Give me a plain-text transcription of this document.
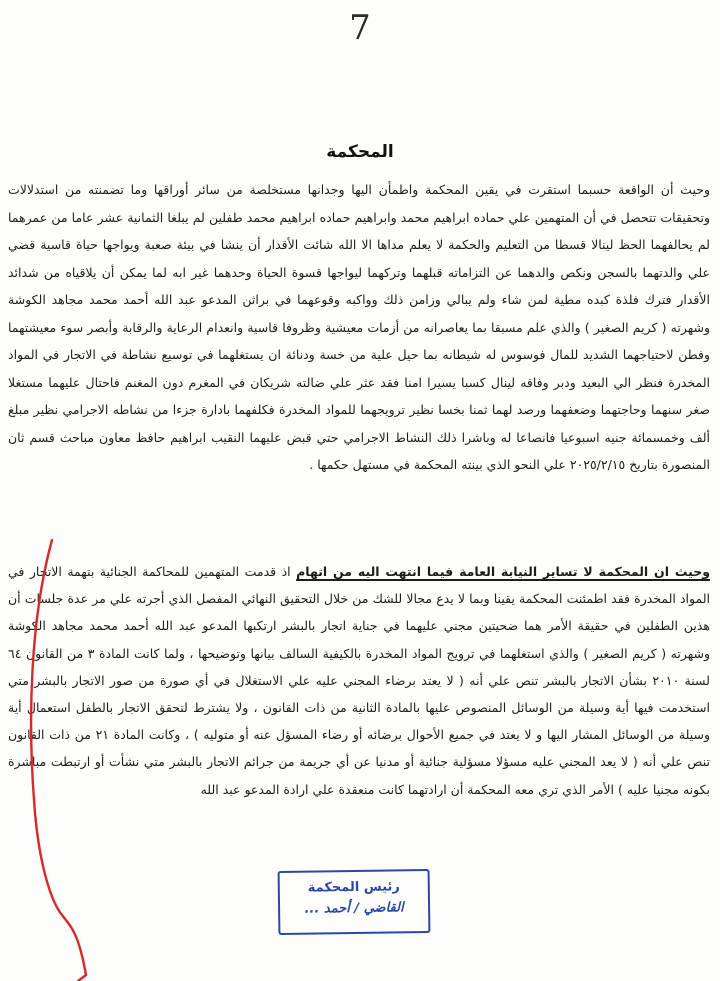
7
المحكمة

وحيث أن الواقعة حسبما استقرت في يقين المحكمة واطمأن اليها وجدانها مستخلصة من سائر أوراقها وما تضمنته من استدلالات وتحقيقات تتحصل في أن المتهمين علي حماده ابراهيم محمد وابراهيم حماده ابراهيم محمد طفلين لم يبلغا الثمانية عشر عاما من عمرهما لم يحالفهما الحظ لينالا قسطا من التعليم والحكمة لا يعلم مداها الا الله شائت الأقدار أن ينشا في بيئة صعبة ويواجها حياة قاسية قضي علي والدتهما بالسجن ونكص والدهما عن التزاماته قبلهما وتركهما ليواجها قسوة الحياة وحدهما غير ابه لما يمكن أن يلاقياه من شدائد الأقدار فترك فلذة كبده مطية لمن شاء ولم يبالي وزامن ذلك وواكبه وقوعهما في براثن المدعو عبد الله أحمد محمد مجاهد الكوشة وشهرته ( كريم الصغير ) والذي علم مسبقا بما يعاصرانه من أزمات معيشية وظروفا قاسية وانعدام الرعاية والرقابة وأبصر سوء معيشتهما وفطن لاحتياجهما الشديد للمال فوسوس له شيطانه بما حيل علية من خسة ودنائة ان يستغلهما في توسيع نشاطة في الاتجار في المواد المخدرة فنظر الي البعيد ودبر وفاقه لينال كسبا يسيرا امنا فقد عثر علي ضالته شريكان في المغرم دون المغنم فاحتال عليهما مستغلا صغر سنهما وحاجتهما وضعفهما ورصد لهما ثمنا بخسا نظير ترويجهما للمواد المخدرة فكلفهما بادارة جزءا من نشاطه الاجرامي نظير مبلغ ألف وخمسمائة جنيه اسبوعيا فانصاعا له وباشرا ذلك النشاط الاجرامي حتي قبض عليهما النقيب ابراهيم حافظ معاون مباحث قسم ثان المنصورة بتاريخ ٢٠٢٥/٢/١٥ علي النحو الذي بينته المحكمة في مستهل حكمها .

وحيث ان المحكمة لا تساير النيابة العامة فيما انتهت اليه من اتهام اذ قدمت المتهمين للمحاكمة الجنائية بتهمة الاتجار في المواد المخدرة فقد اطمئنت المحكمة يقينا وبما لا يدع مجالا للشك من خلال التحقيق النهائي المفصل الذي أجرته علي مر عدة جلسات أن هذين الطفلين في حقيقة الأمر هما ضحيتين مجني عليهما في جناية اتجار بالبشر ارتكبها المدعو عبد الله أحمد محمد مجاهد الكوشة وشهرته ( كريم الصغير ) والذي استغلهما في ترويج المواد المخدرة بالكيفية السالف بيانها وتوضيحها ، ولما كانت المادة ٣ من القانون ٦٤ لسنة ٢٠١٠ بشأن الاتجار بالبشر تنص علي أنه ( لا يعتد برضاء المجني عليه علي الاستغلال في أي صورة من صور الاتجار بالبشر متي استخدمت فيها أية وسيلة من الوسائل المنصوص عليها بالمادة الثانية من ذات القانون ، ولا يشترط لتحقق الاتجار بالطفل استعمال أية وسيلة من الوسائل المشار اليها و لا يعتد في جميع الأحوال برضائه أو رضاء المسؤل عنه أو متوليه ) ، وكانت المادة ٢١ من ذات القانون تنص علي أنه ( لا يعد المجني عليه مسؤلا مسؤلية جنائية أو مدنيا عن أي جريمة من جرائم الاتجار بالبشر متي نشأت أو ارتبطت مباشرة بكونه مجنيا عليه ) الأمر الذي تري معه المحكمة أن ارادتهما كانت منعقدة علي ارادة المدعو عبد الله

رئيس المحكمة
القاضي / أحمد ...
